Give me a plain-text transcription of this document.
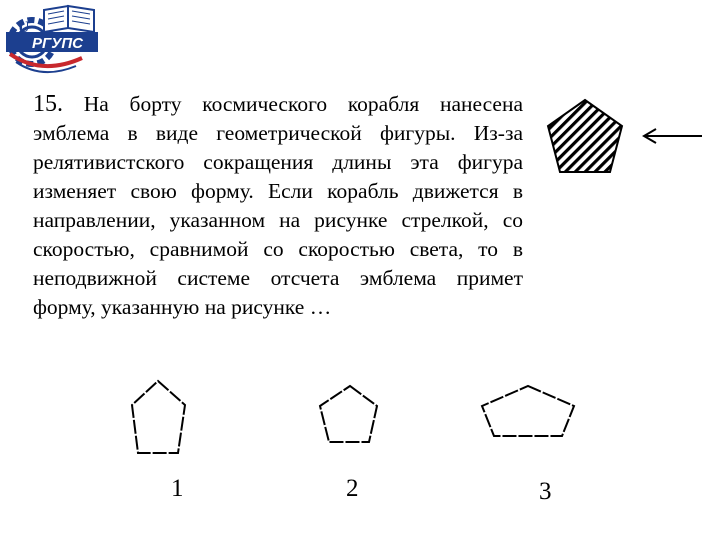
U
РГУПС
15. На борту космического корабля нанесена эмблема в виде геометрической фигуры. Из-за релятивистского сокращения длины эта фигура изменяет свою форму. Если корабль движется в направлении, указанном на рисунке стрелкой, со скоростью, сравнимой со скоростью света, то в неподвижной системе отсчета эмблема примет форму, указанную на рисунке …
1	2	3
